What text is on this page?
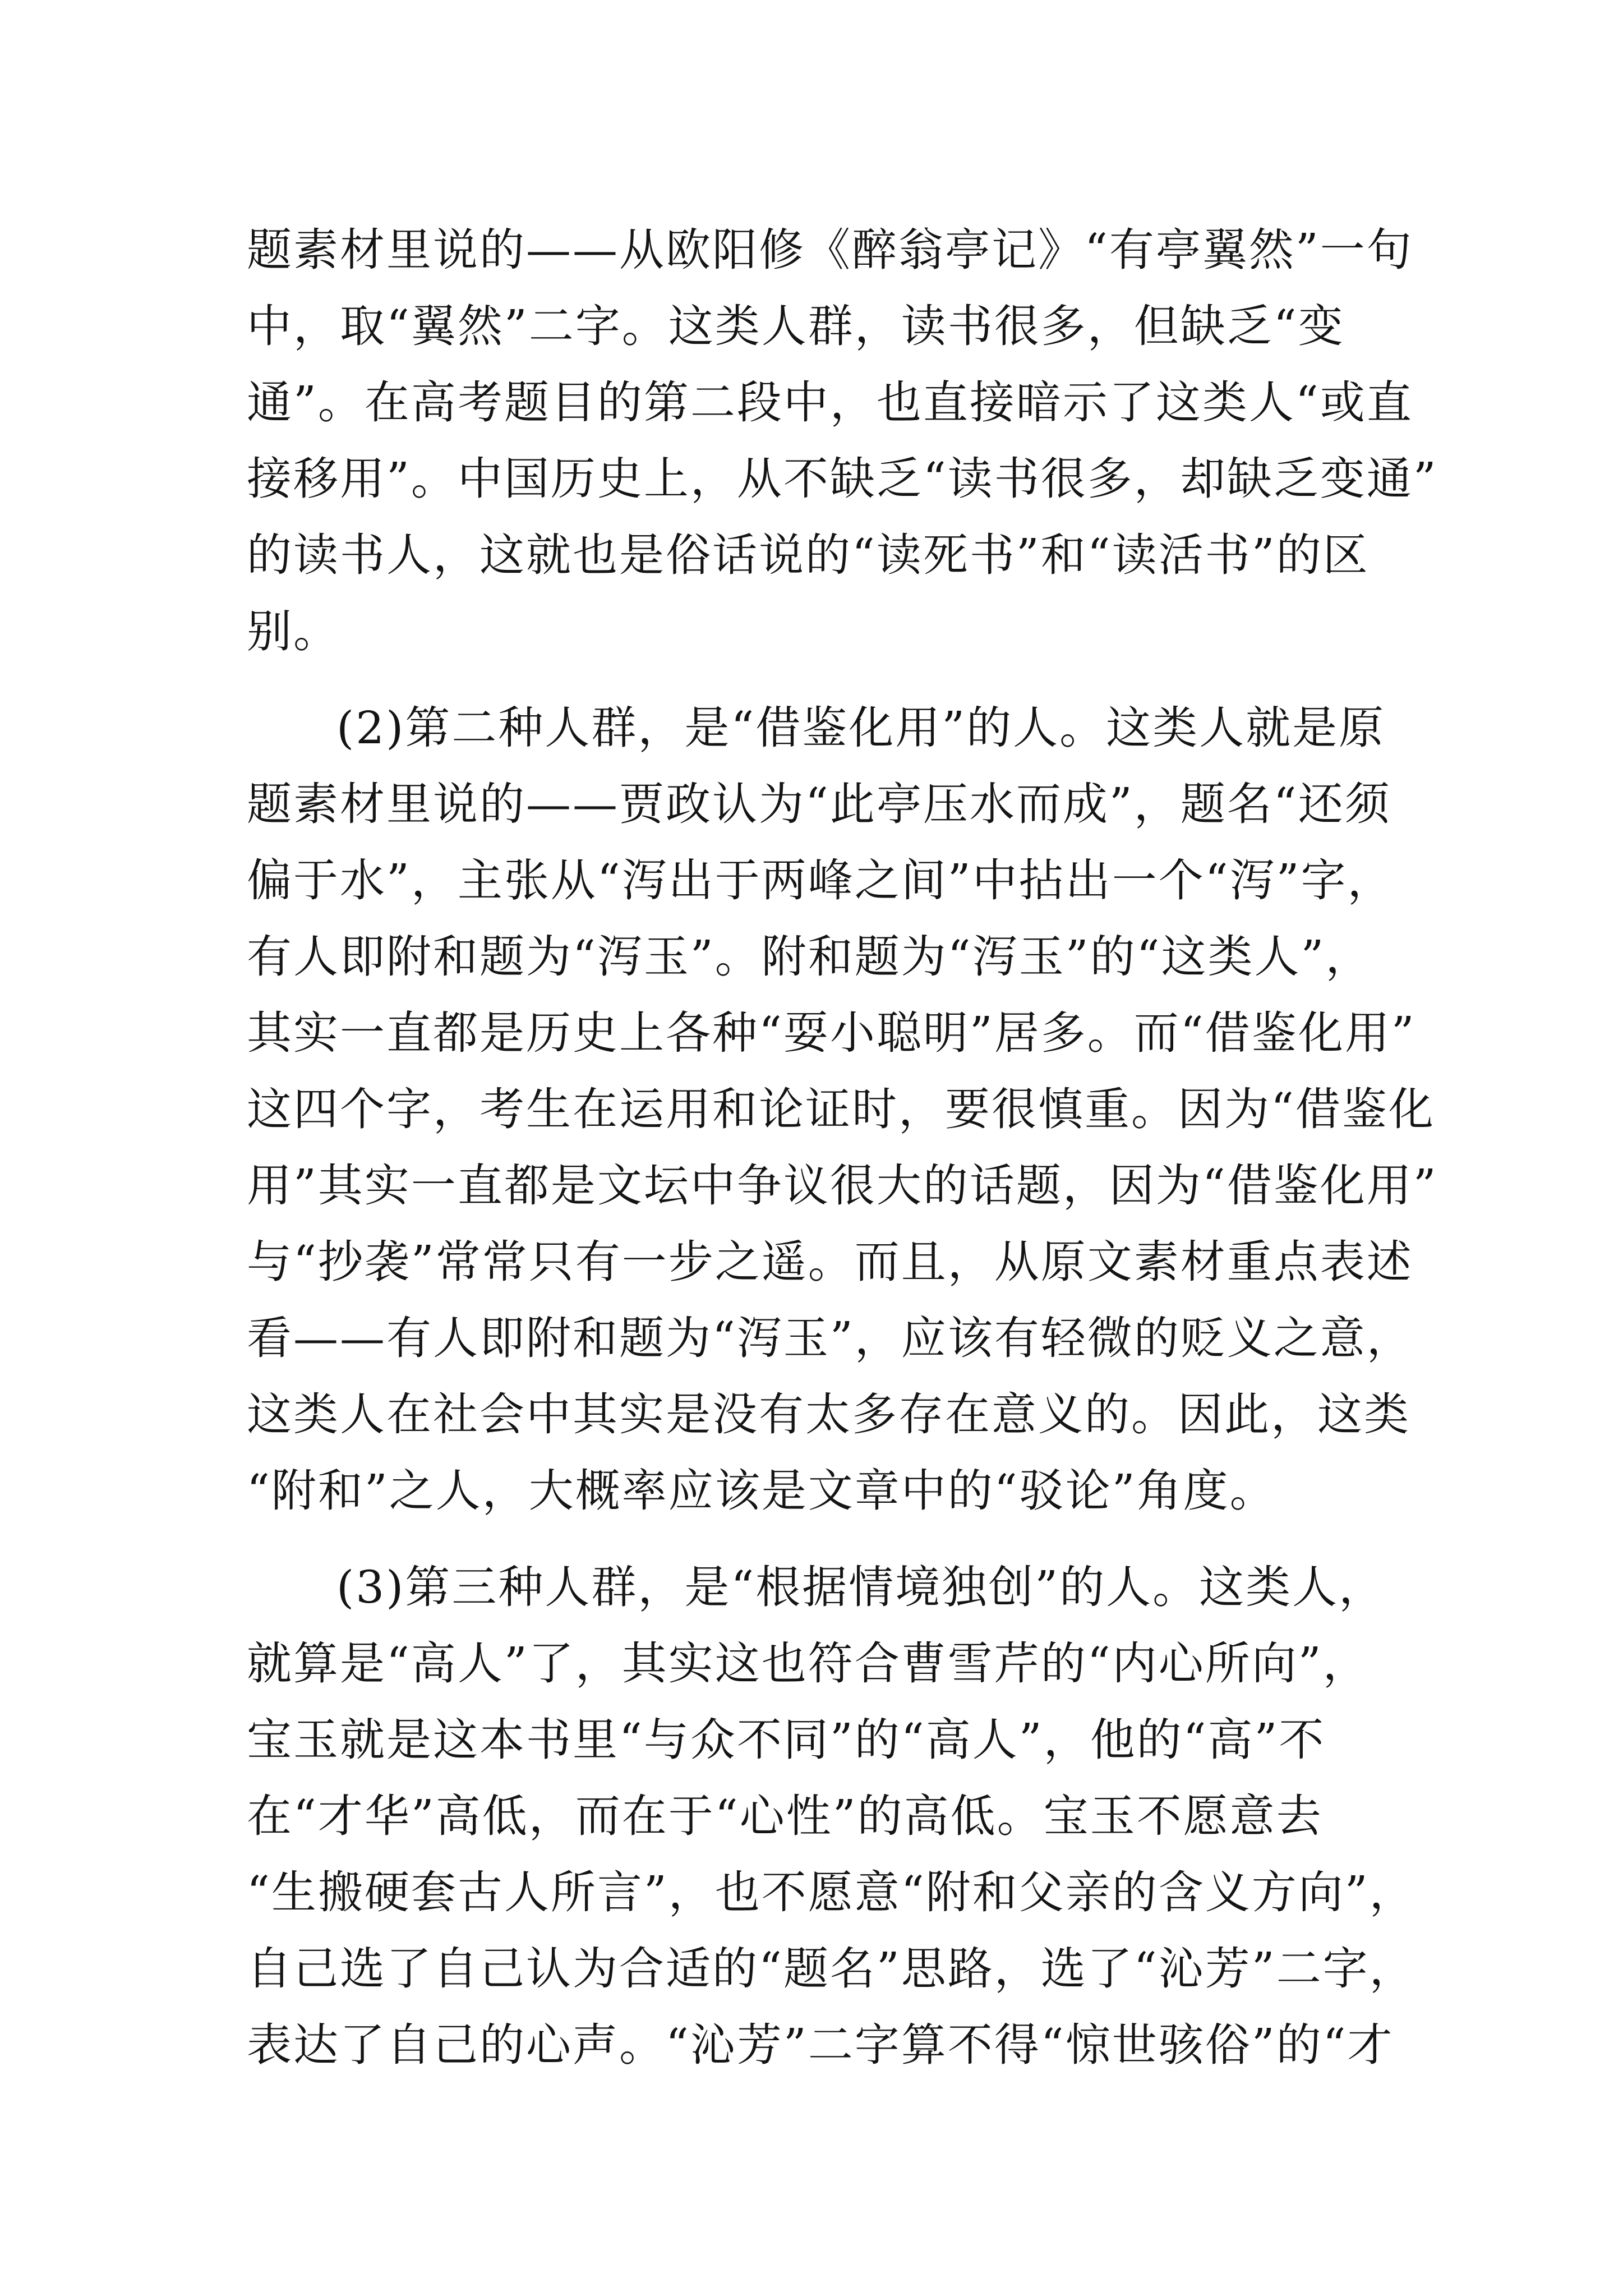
题素材里说的——从欧阳修《醉翁亭记》“有亭翼然”一句
中，取“翼然”二字。这类人群，读书很多，但缺乏“变
通”。在高考题目的第二段中，也直接暗示了这类人“或直
接移用”。中国历史上，从不缺乏“读书很多，却缺乏变通”
的读书人，这就也是俗话说的“读死书”和“读活书”的区
别。
(2)第二种人群，是“借鉴化用”的人。这类人就是原
题素材里说的——贾政认为“此亭压水而成”，题名“还须
偏于水”，主张从“泻出于两峰之间”中拈出一个“泻”字，
有人即附和题为“泻玉”。附和题为“泻玉”的“这类人”，
其实一直都是历史上各种“耍小聪明”居多。而“借鉴化用”
这四个字，考生在运用和论证时，要很慎重。因为“借鉴化
用”其实一直都是文坛中争议很大的话题，因为“借鉴化用”
与“抄袭”常常只有一步之遥。而且，从原文素材重点表述
看——有人即附和题为“泻玉”，应该有轻微的贬义之意，
这类人在社会中其实是没有太多存在意义的。因此，这类
“附和”之人，大概率应该是文章中的“驳论”角度。
(3)第三种人群，是“根据情境独创”的人。这类人，
就算是“高人”了，其实这也符合曹雪芹的“内心所向”，
宝玉就是这本书里“与众不同”的“高人”，他的“高”不
在“才华”高低，而在于“心性”的高低。宝玉不愿意去
“生搬硬套古人所言”，也不愿意“附和父亲的含义方向”，
自己选了自己认为合适的“题名”思路，选了“沁芳”二字，
表达了自己的心声。“沁芳”二字算不得“惊世骇俗”的“才
